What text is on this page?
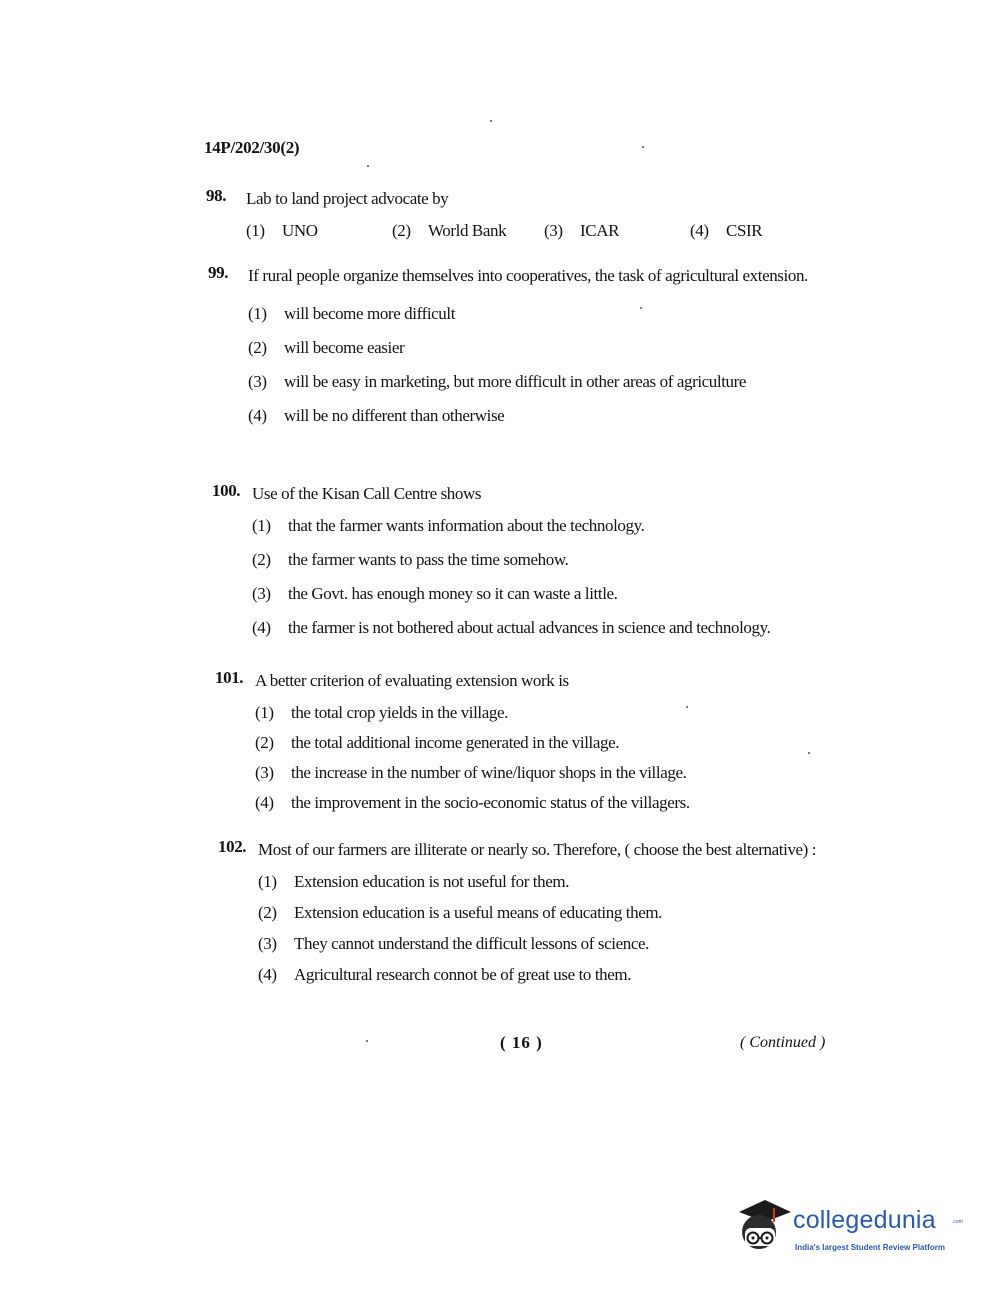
14P/202/30(2)
98.	Lab to land project advocate by
(1)	UNO	(2)	World Bank (3)	ICAR	(4)	CSIR
99.	If rural people organize themselves into cooperatives, the task of agricultural extension.
(1)	will become more difficult
(2)	will become easier
(3)	will be easy in marketing, but more difficult in other areas of agriculture
(4)	will be no different than otherwise
100. Use of the Kisan Call Centre shows
(1)	that the farmer wants information about the technology.
(2)	the farmer wants to pass the time somehow.
(3)	the Govt. has enough money so it can waste a little.
(4)	the farmer is not bothered about actual advances in science and technology.
101. A better criterion of evaluating extension work is
(1)	the total crop yields in the village.
(2)	the total additional income generated in the village.
(3)	the increase in the number of wine/liquor shops in the village.
(4)	the improvement in the socio-economic status of the villagers.
102. Most of our farmers are illiterate or nearly so. Therefore, ( choose the best alternative) :
(1)	Extension education is not useful for them.
(2)	Extension education is a useful means of educating them.
(3)	They cannot understand the difficult lessons of science.
(4)	Agricultural research connot be of great use to them.
( 16 )	( Continued )
collegedunia	.com
India's largest Student Review Platform
